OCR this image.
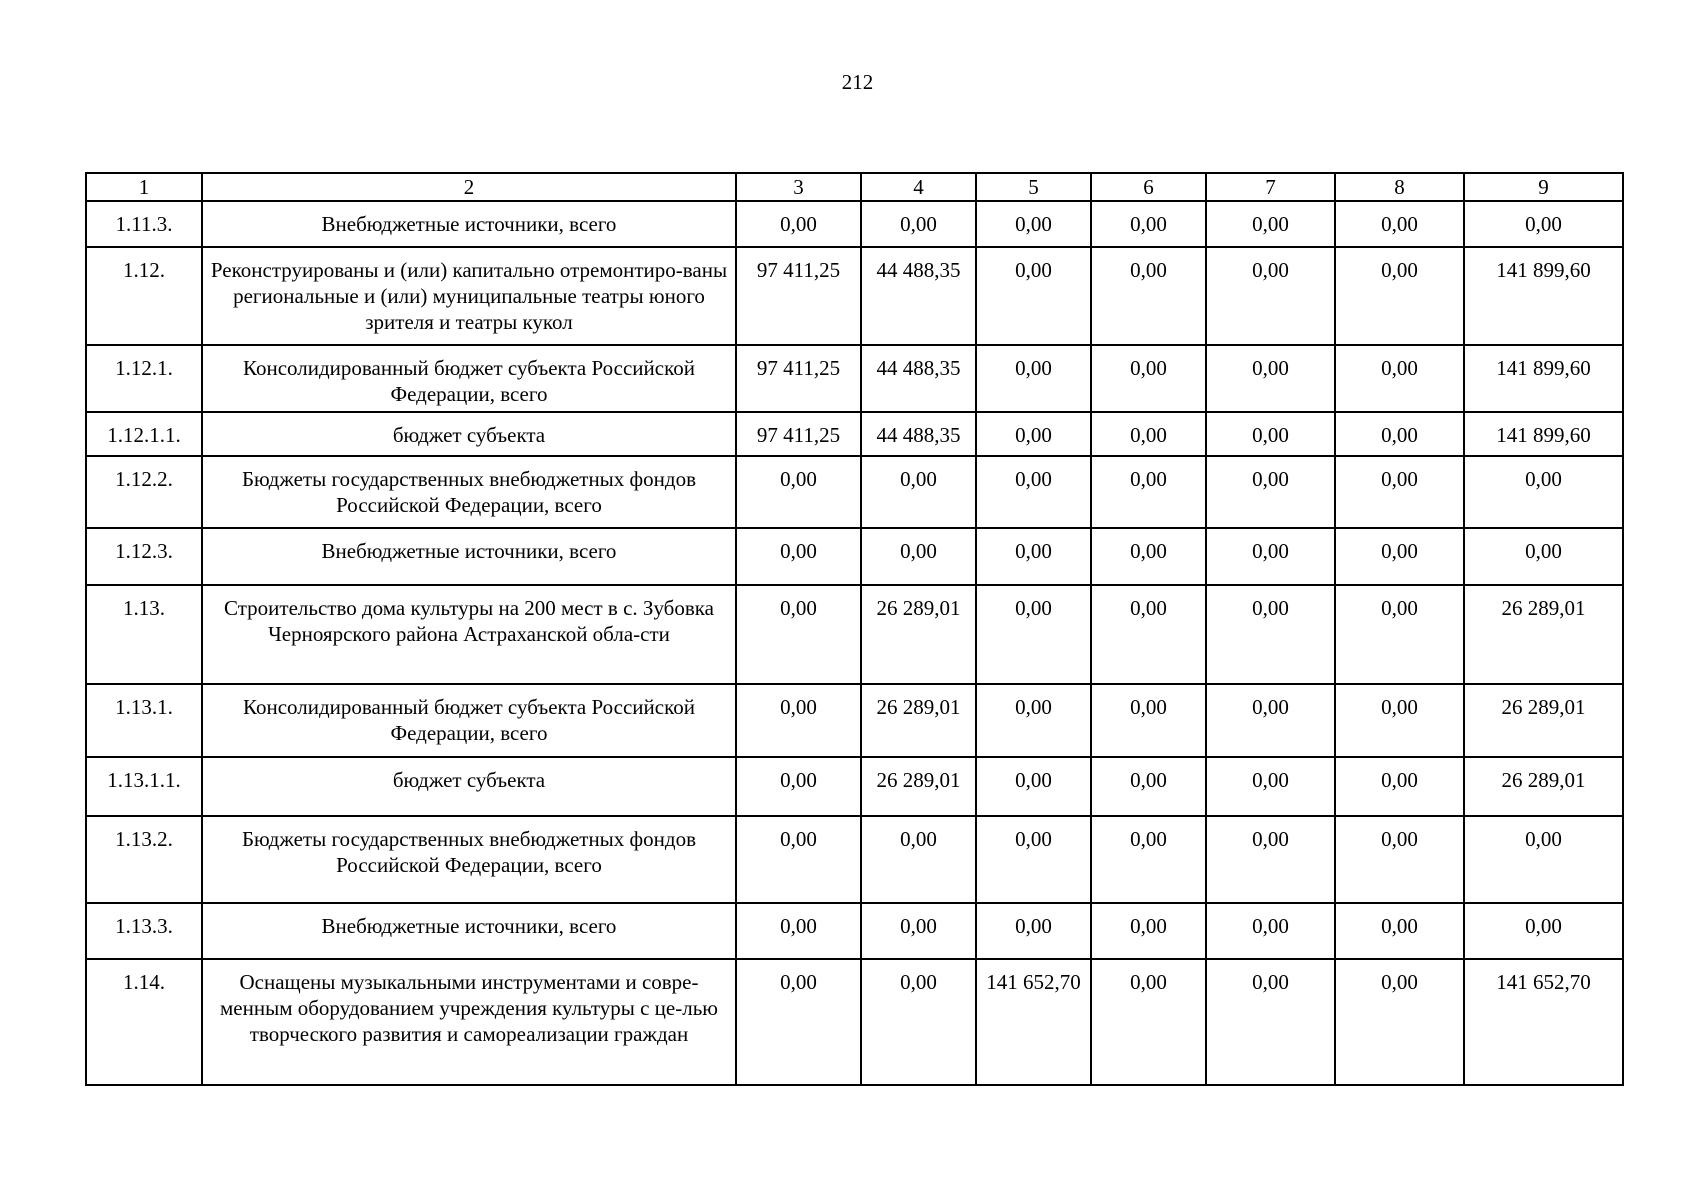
212
1	2	3	4	5	6	7	8	9
1.11.3.	Внебюджетные источники, всего	0,00	0,00	0,00	0,00	0,00	0,00	0,00
1.12.	Реконструированы и (или) капитально отремонтиро-ваны региональные и (или) муниципальные театры юного зрителя и театры кукол	97 411,25	44 488,35	0,00	0,00	0,00	0,00	141 899,60
1.12.1.	Консолидированный бюджет субъекта Российской Федерации, всего	97 411,25	44 488,35	0,00	0,00	0,00	0,00	141 899,60
1.12.1.1.	бюджет субъекта	97 411,25	44 488,35	0,00	0,00	0,00	0,00	141 899,60
1.12.2.	Бюджеты государственных внебюджетных фондов Российской Федерации, всего	0,00	0,00	0,00	0,00	0,00	0,00	0,00
1.12.3.	Внебюджетные источники, всего	0,00	0,00	0,00	0,00	0,00	0,00	0,00
1.13.	Строительство дома культуры на 200 мест в с. Зубовка Черноярского района Астраханской обла-сти	0,00	26 289,01	0,00	0,00	0,00	0,00	26 289,01
1.13.1.	Консолидированный бюджет субъекта Российской Федерации, всего	0,00	26 289,01	0,00	0,00	0,00	0,00	26 289,01
1.13.1.1.	бюджет субъекта	0,00	26 289,01	0,00	0,00	0,00	0,00	26 289,01
1.13.2.	Бюджеты государственных внебюджетных фондов Российской Федерации, всего	0,00	0,00	0,00	0,00	0,00	0,00	0,00
1.13.3.	Внебюджетные источники, всего	0,00	0,00	0,00	0,00	0,00	0,00	0,00
1.14.	Оснащены музыкальными инструментами и совре-менным оборудованием учреждения культуры с це-лью творческого развития и самореализации граждан	0,00	0,00	141 652,70	0,00	0,00	0,00	141 652,70
